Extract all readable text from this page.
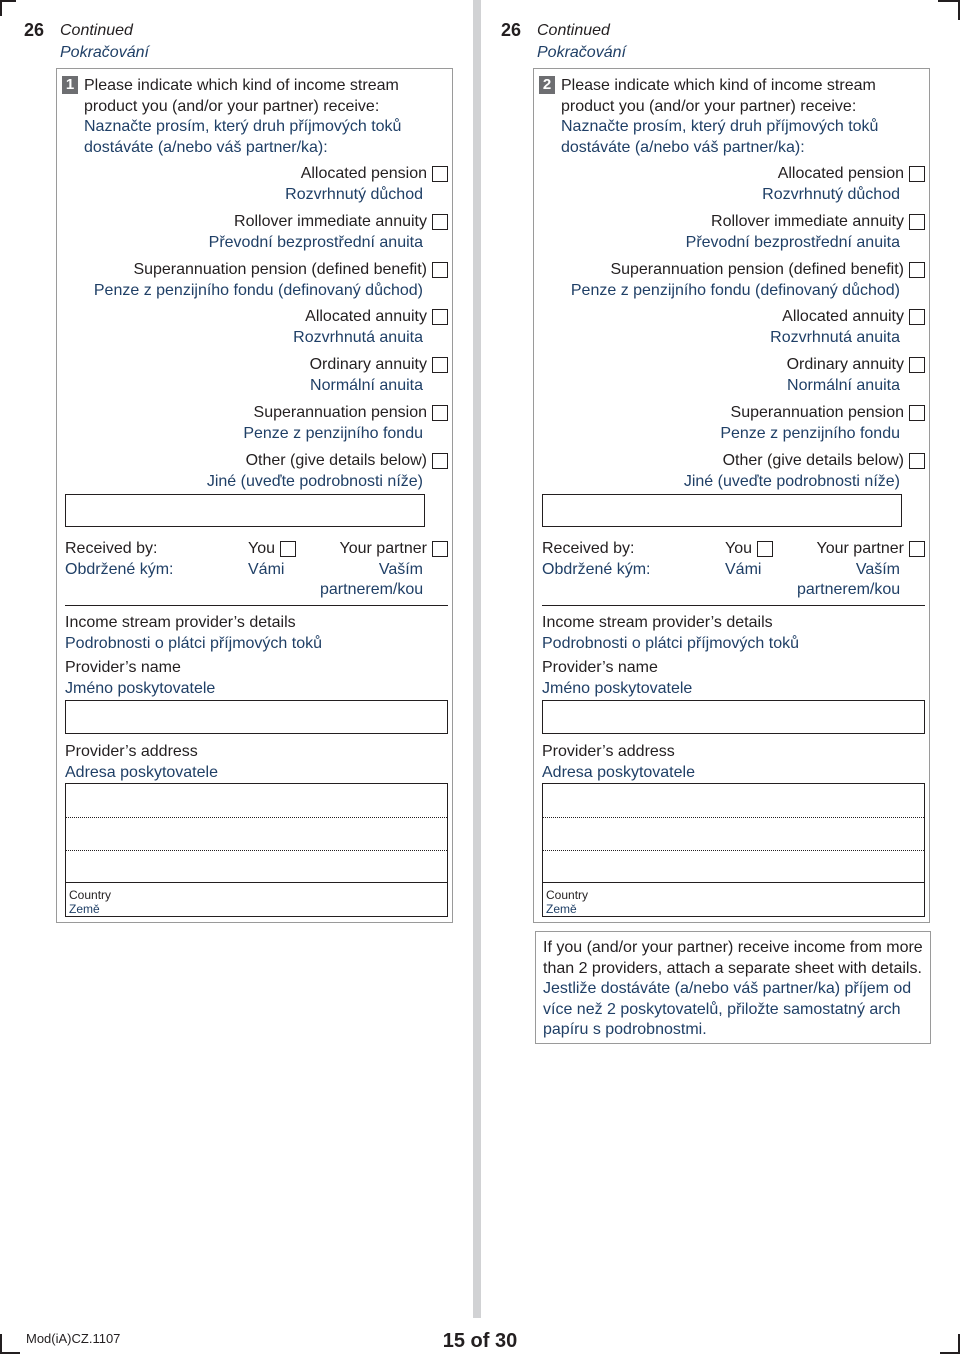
26 Continued
Pokračování
1 Please indicate which kind of income stream product you (and/or your partner) receive:
Naznačte prosím, který druh příjmových toků dostáváte (a/nebo váš partner/ka):
Allocated pension
Rozvrhnutý důchod
Rollover immediate annuity
Převodní bezprostřední anuita
Superannuation pension (defined benefit)
Penze z penzijního fondu (definovaný důchod)
Allocated annuity
Rozvrhnutá anuita
Ordinary annuity
Normální anuita
Superannuation pension
Penze z penzijního fondu
Other (give details below)
Jiné (uveďte podrobnosti níže)
Received by:
Obdržené kým:
You
Vámi
Your partner
Vaším
partnerem/kou
Income stream provider’s details
Podrobnosti o plátci příjmových toků
Provider’s name
Jméno poskytovatele
Provider’s address
Adresa poskytovatele
Country
Země
26 Continued
Pokračování
2 Please indicate which kind of income stream product you (and/or your partner) receive:
Naznačte prosím, který druh příjmových toků dostáváte (a/nebo váš partner/ka):
Allocated pension
Rozvrhnutý důchod
Rollover immediate annuity
Převodní bezprostřední anuita
Superannuation pension (defined benefit)
Penze z penzijního fondu (definovaný důchod)
Allocated annuity
Rozvrhnutá anuita
Ordinary annuity
Normální anuita
Superannuation pension
Penze z penzijního fondu
Other (give details below)
Jiné (uveďte podrobnosti níže)
Received by:
Obdržené kým:
You
Vámi
Your partner
Vaším
partnerem/kou
Income stream provider’s details
Podrobnosti o plátci příjmových toků
Provider’s name
Jméno poskytovatele
Provider’s address
Adresa poskytovatele
Country
Země
If you (and/or your partner) receive income from more than 2 providers, attach a separate sheet with details.
Jestliže dostáváte (a/nebo váš partner/ka) příjem od více než 2 poskytovatelů, přiložte samostatný arch papíru s podrobnostmi.
Mod(iA)CZ.1107	15 of 30
